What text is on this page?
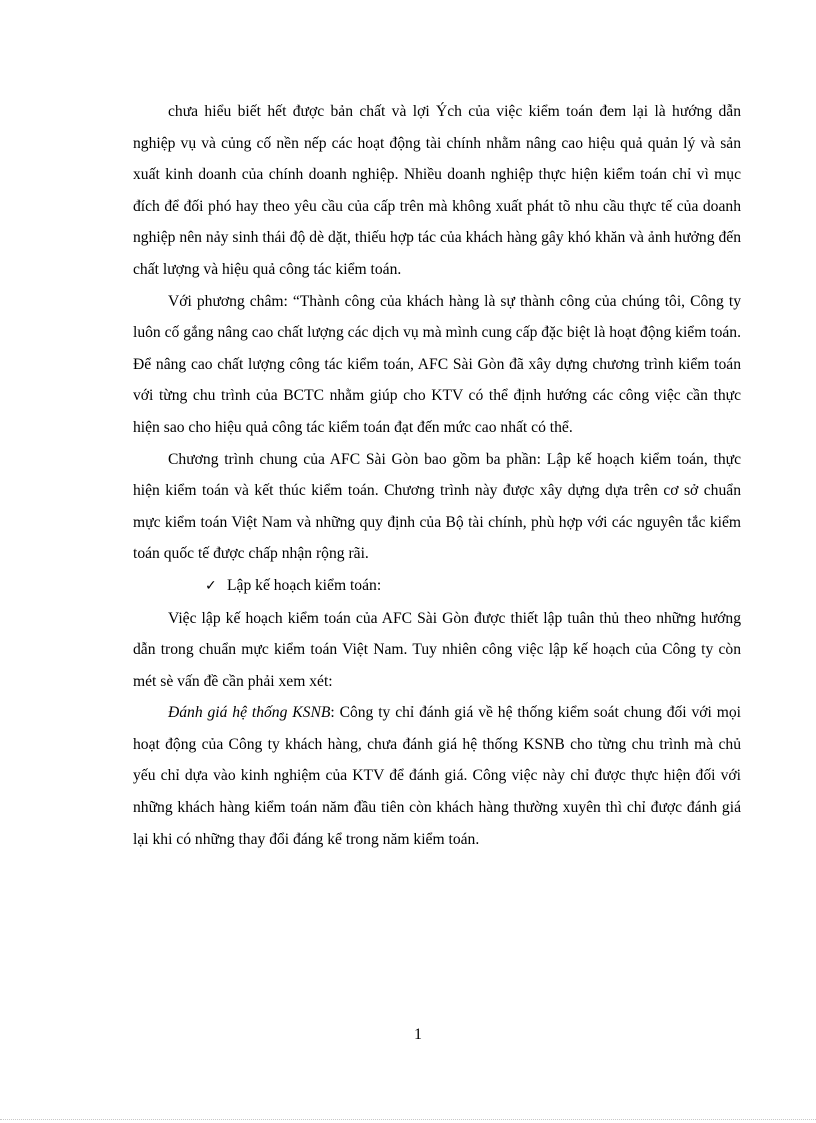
chưa hiểu biết hết được bản chất và lợi Ých của việc kiểm toán đem lại là hướng dẫn nghiệp vụ và củng cố nền nếp các hoạt động tài chính nhằm nâng cao hiệu quả quản lý và sản xuất kinh doanh của chính doanh nghiệp. Nhiều doanh nghiệp thực hiện kiểm toán chỉ vì mục đích để đối phó hay theo yêu cầu của cấp trên mà không xuất phát tõ nhu cầu thực tế của doanh nghiệp nên nảy sinh thái độ dè dặt, thiếu hợp tác của khách hàng gây khó khăn và ảnh hưởng đến chất lượng và hiệu quả công tác kiểm toán.

Với phương châm: “Thành công của khách hàng là sự thành công của chúng tôi, Công ty luôn cố gắng nâng cao chất lượng các dịch vụ mà mình cung cấp đặc biệt là hoạt động kiểm toán. Để nâng cao chất lượng công tác kiểm toán, AFC Sài Gòn đã xây dựng chương trình kiểm toán với từng chu trình của BCTC nhằm giúp cho KTV có thể định hướng các công việc cần thực hiện sao cho hiệu quả công tác kiểm toán đạt đến mức cao nhất có thể.

Chương trình chung của AFC Sài Gòn bao gồm ba phần: Lập kế hoạch kiểm toán, thực hiện kiểm toán và kết thúc kiểm toán. Chương trình này được xây dựng dựa trên cơ sở chuẩn mực kiểm toán Việt Nam và những quy định của Bộ tài chính, phù hợp với các nguyên tắc kiểm toán quốc tế được chấp nhận rộng rãi.

✓ Lập kế hoạch kiểm toán:

Việc lập kế hoạch kiểm toán của AFC Sài Gòn được thiết lập tuân thủ theo những hướng dẫn trong chuẩn mực kiểm toán Việt Nam. Tuy nhiên công việc lập kế hoạch của Công ty còn mét sè vấn đề cần phải xem xét:

Đánh giá hệ thống KSNB: Công ty chỉ đánh giá về hệ thống kiểm soát chung đối với mọi hoạt động của Công ty khách hàng, chưa đánh giá hệ thống KSNB cho từng chu trình mà chủ yếu chỉ dựa vào kinh nghiệm của KTV để đánh giá. Công việc này chỉ được thực hiện đối với những khách hàng kiểm toán năm đầu tiên còn khách hàng thường xuyên thì chỉ được đánh giá lại khi có những thay đổi đáng kể trong năm kiểm toán.

1
